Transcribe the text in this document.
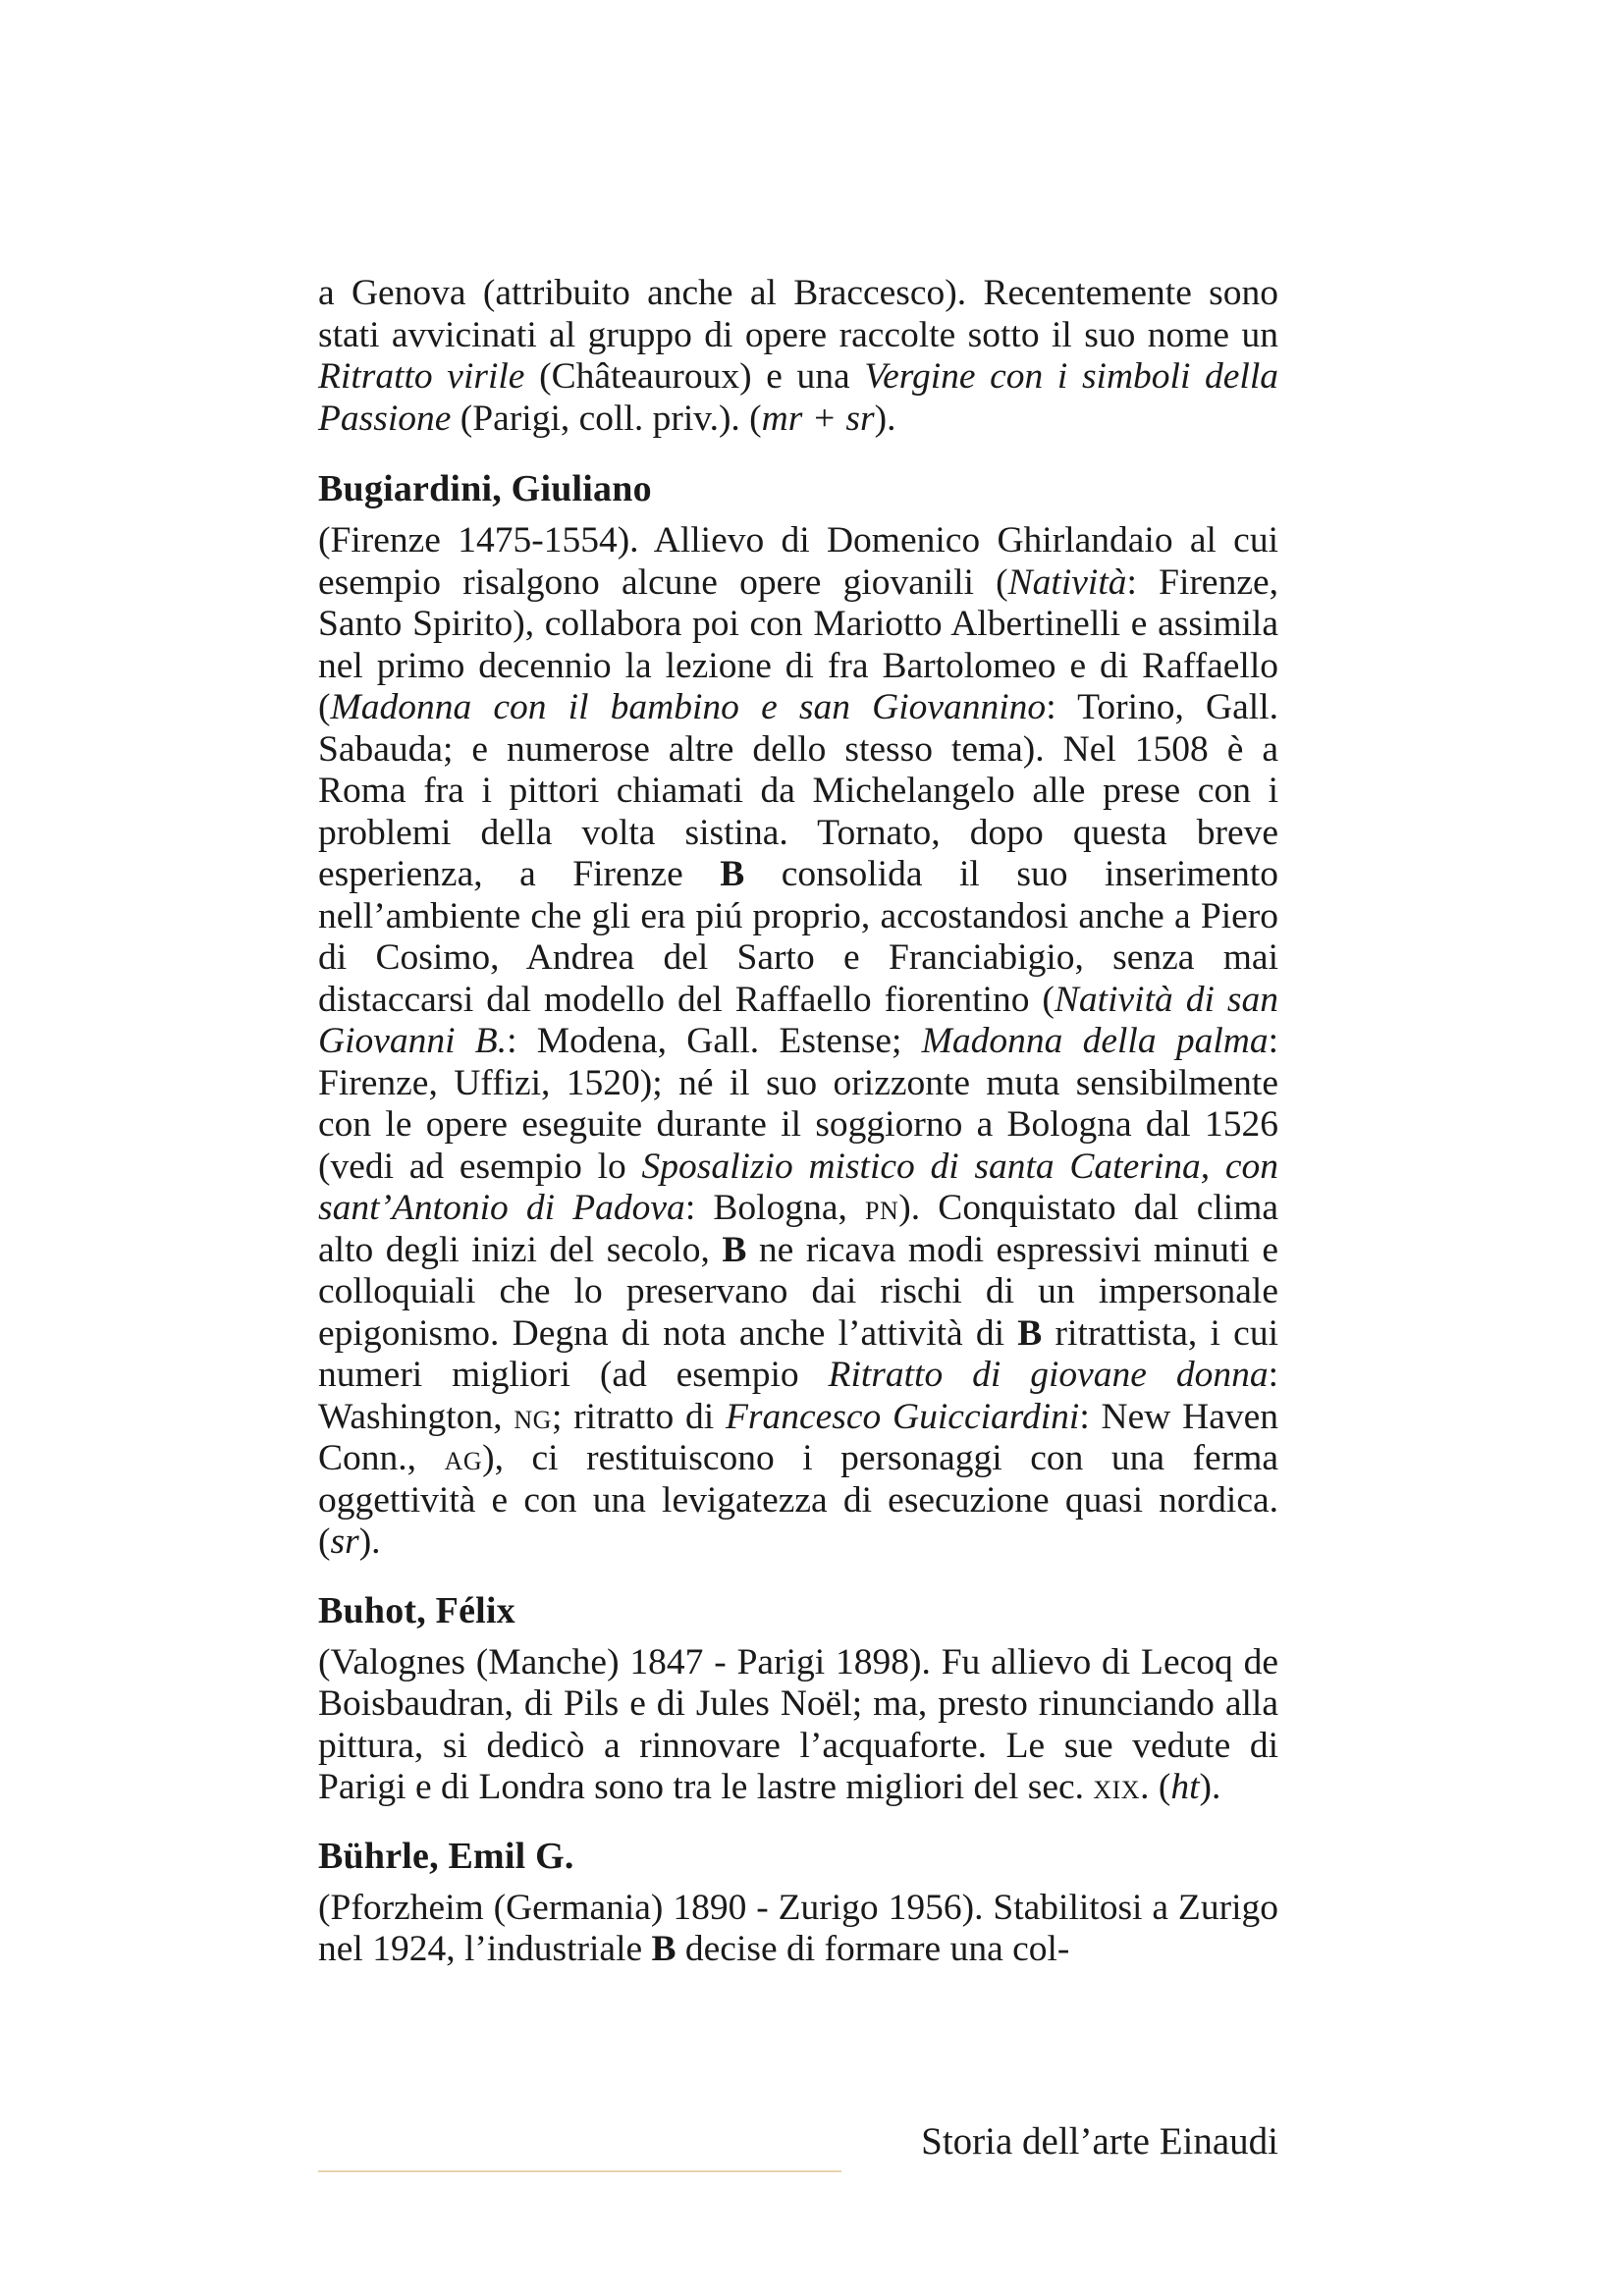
a Genova (attribuito anche al Braccesco). Recentemente sono stati avvicinati al gruppo di opere raccolte sotto il suo nome un Ritratto virile (Châteauroux) e una Vergine con i simboli della Passione (Parigi, coll. priv.). (mr + sr).

Bugiardini, Giuliano

(Firenze 1475-1554). Allievo di Domenico Ghirlandaio al cui esempio risalgono alcune opere giovanili (Natività: Firenze, Santo Spirito), collabora poi con Mariotto Albertinelli e assimila nel primo decennio la lezione di fra Bartolomeo e di Raffaello (Madonna con il bambino e san Giovannino: Torino, Gall. Sabauda; e numerose altre dello stesso tema). Nel 1508 è a Roma fra i pittori chiamati da Michelangelo alle prese con i problemi della volta sistina. Tornato, dopo questa breve esperienza, a Firenze B consolida il suo inserimento nell’ambiente che gli era piú proprio, accostandosi anche a Piero di Cosimo, Andrea del Sarto e Franciabigio, senza mai distaccarsi dal modello del Raffaello fiorentino (Natività di san Giovanni B.: Modena, Gall. Estense; Madonna della palma: Firenze, Uffizi, 1520); né il suo orizzonte muta sensibilmente con le opere eseguite durante il soggiorno a Bologna dal 1526 (vedi ad esempio lo Sposalizio mistico di santa Caterina, con sant’Antonio di Padova: Bologna, pn). Conquistato dal clima alto degli inizi del secolo, B ne ricava modi espressivi minuti e colloquiali che lo preservano dai rischi di un impersonale epigonismo. Degna di nota anche l’attività di B ritrattista, i cui numeri migliori (ad esempio Ritratto di giovane donna: Washington, ng; ritratto di Francesco Guicciardini: New Haven Conn., ag), ci restituiscono i personaggi con una ferma oggettività e con una levigatezza di esecuzione quasi nordica. (sr).

Buhot, Félix

(Valognes (Manche) 1847 - Parigi 1898). Fu allievo di Lecoq de Boisbaudran, di Pils e di Jules Noël; ma, presto rinunciando alla pittura, si dedicò a rinnovare l’acquaforte. Le sue vedute di Parigi e di Londra sono tra le lastre migliori del sec. xix. (ht).

Bührle, Emil G.

(Pforzheim (Germania) 1890 - Zurigo 1956). Stabilitosi a Zurigo nel 1924, l’industriale B decise di formare una col-

Storia dell’arte Einaudi
